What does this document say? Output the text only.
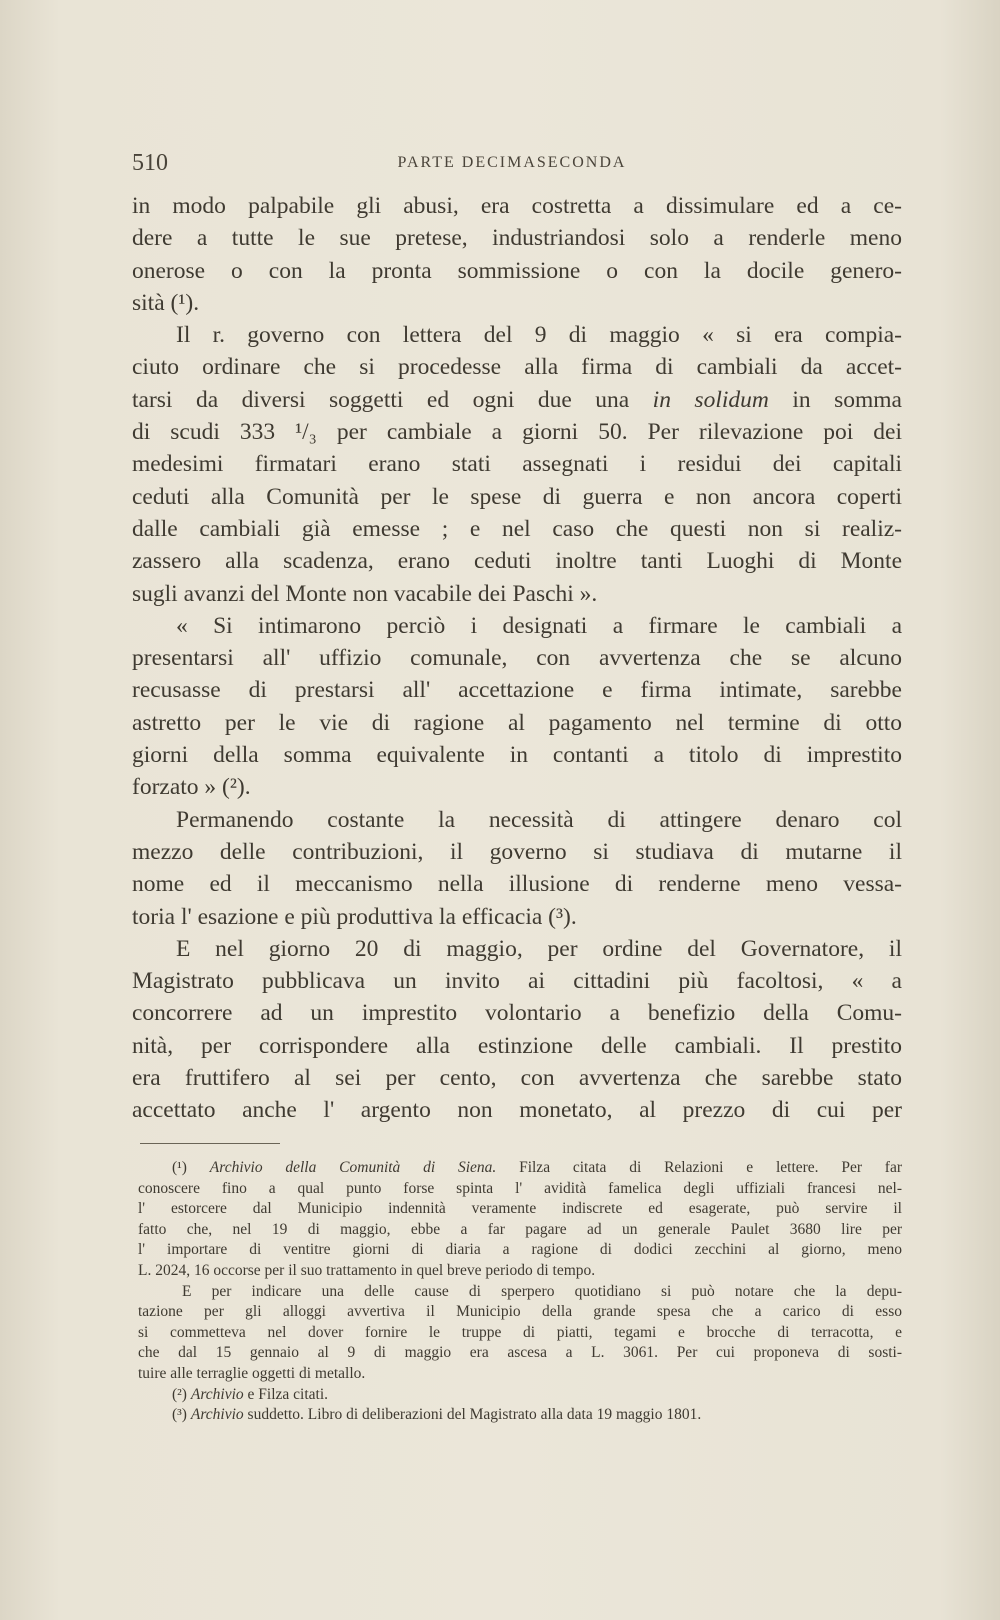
510	PARTE DECIMASECONDA
in modo palpabile gli abusi, era costretta a dissimulare ed a ce-
dere a tutte le sue pretese, industriandosi solo a renderle meno
onerose o con la pronta sommissione o con la docile genero-
sità (¹).
Il r. governo con lettera del 9 di maggio « si era compia-
ciuto ordinare che si procedesse alla firma di cambiali da accet-
tarsi da diversi soggetti ed ogni due una in solidum in somma
di scudi 333 ¹/₃ per cambiale a giorni 50. Per rilevazione poi dei
medesimi firmatari erano stati assegnati i residui dei capitali
ceduti alla Comunità per le spese di guerra e non ancora coperti
dalle cambiali già emesse ; e nel caso che questi non si realiz-
zassero alla scadenza, erano ceduti inoltre tanti Luoghi di Monte
sugli avanzi del Monte non vacabile dei Paschi ».
« Si intimarono perciò i designati a firmare le cambiali a
presentarsi all' uffizio comunale, con avvertenza che se alcuno
recusasse di prestarsi all' accettazione e firma intimate, sarebbe
astretto per le vie di ragione al pagamento nel termine di otto
giorni della somma equivalente in contanti a titolo di imprestito
forzato » (²).
Permanendo costante la necessità di attingere denaro col
mezzo delle contribuzioni, il governo si studiava di mutarne il
nome ed il meccanismo nella illusione di renderne meno vessa-
toria l' esazione e più produttiva la efficacia (³).
E nel giorno 20 di maggio, per ordine del Governatore, il
Magistrato pubblicava un invito ai cittadini più facoltosi, « a
concorrere ad un imprestito volontario a benefizio della Comu-
nità, per corrispondere alla estinzione delle cambiali. Il prestito
era fruttifero al sei per cento, con avvertenza che sarebbe stato
accettato anche l' argento non monetato, al prezzo di cui per
(¹) Archivio della Comunità di Siena. Filza citata di Relazioni e lettere. Per far
conoscere fino a qual punto forse spinta l' avidità famelica degli uffiziali francesi nel-
l' estorcere dal Municipio indennità veramente indiscrete ed esagerate, può servire il
fatto che, nel 19 di maggio, ebbe a far pagare ad un generale Paulet 3680 lire per
l' importare di ventitre giorni di diaria a ragione di dodici zecchini al giorno, meno
L. 2024, 16 occorse per il suo trattamento in quel breve periodo di tempo.
E per indicare una delle cause di sperpero quotidiano si può notare che la depu-
tazione per gli alloggi avvertiva il Municipio della grande spesa che a carico di esso
si commetteva nel dover fornire le truppe di piatti, tegami e brocche di terracotta, e
che dal 15 gennaio al 9 di maggio era ascesa a L. 3061. Per cui proponeva di sosti-
tuire alle terraglie oggetti di metallo.
(²) Archivio e Filza citati.
(³) Archivio suddetto. Libro di deliberazioni del Magistrato alla data 19 maggio 1801.
